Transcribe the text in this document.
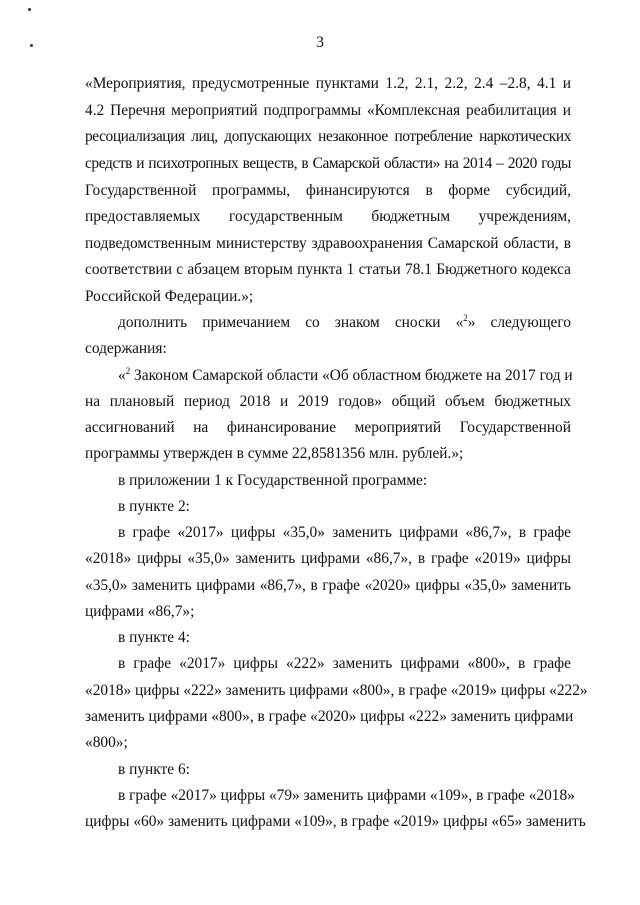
3
«Мероприятия, предусмотренные пунктами 1.2, 2.1, 2.2, 2.4 –2.8, 4.1 и
4.2 Перечня мероприятий подпрограммы «Комплексная реабилитация и
ресоциализация лиц, допускающих незаконное потребление наркотических
средств и психотропных веществ, в Самарской области» на 2014 – 2020 годы
Государственной программы, финансируются в форме субсидий,
предоставляемых государственным бюджетным учреждениям,
подведомственным министерству здравоохранения Самарской области, в
соответствии с абзацем вторым пункта 1 статьи 78.1 Бюджетного кодекса
Российской Федерации.»;
дополнить примечанием со знаком сноски «$^2$» следующего
содержания:
«$^2$ Законом Самарской области «Об областном бюджете на 2017 год и
на плановый период 2018 и 2019 годов» общий объем бюджетных
ассигнований на финансирование мероприятий Государственной
программы утвержден в сумме 22,8581356 млн. рублей.»;
в приложении 1 к Государственной программе:
в пункте 2:
в графе «2017» цифры «35,0» заменить цифрами «86,7», в графе
«2018» цифры «35,0» заменить цифрами «86,7», в графе «2019» цифры
«35,0» заменить цифрами «86,7», в графе «2020» цифры «35,0» заменить
цифрами «86,7»;
в пункте 4:
в графе «2017» цифры «222» заменить цифрами «800», в графе
«2018» цифры «222» заменить цифрами «800», в графе «2019» цифры «222»
заменить цифрами «800», в графе «2020» цифры «222» заменить цифрами
«800»;
в пункте 6:
в графе «2017» цифры «79» заменить цифрами «109», в графе «2018»
цифры «60» заменить цифрами «109», в графе «2019» цифры «65» заменить
